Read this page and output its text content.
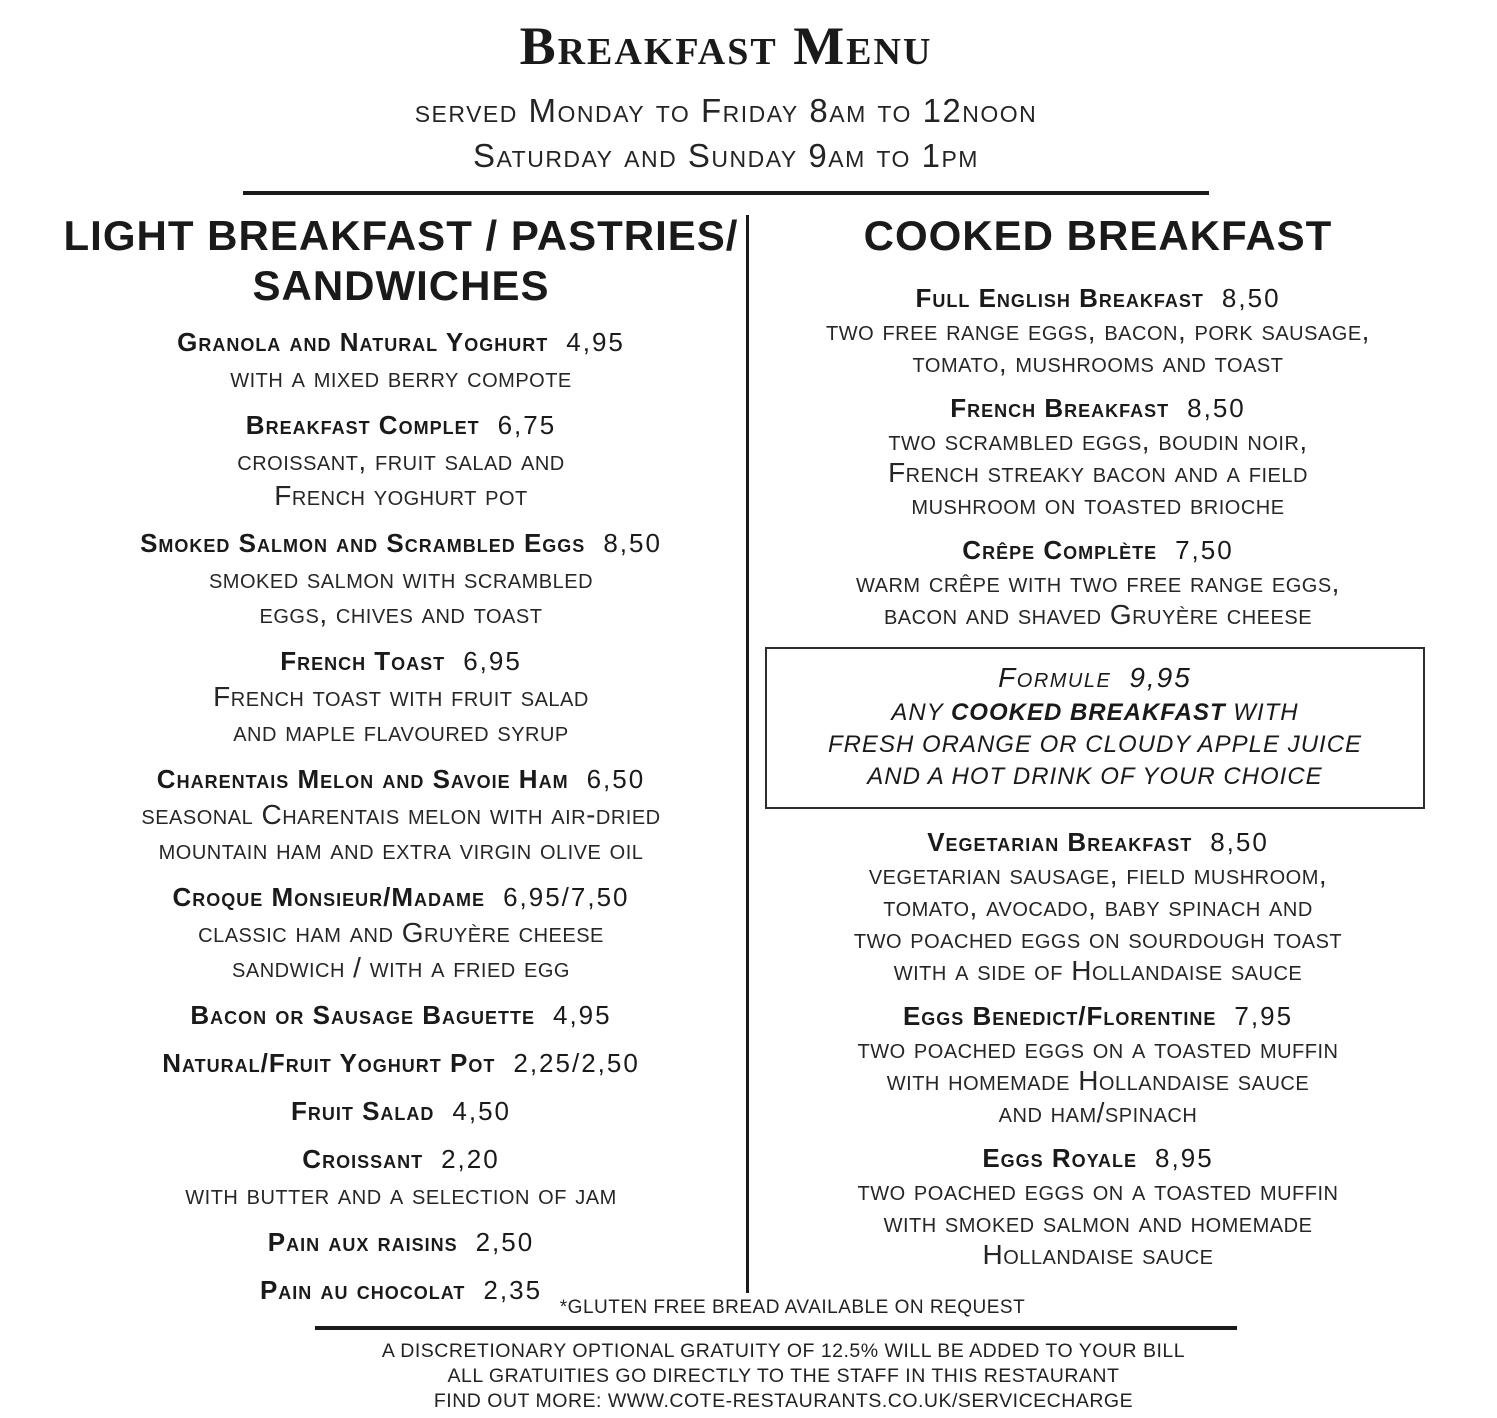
Breakfast Menu
served Monday to Friday 8am to 12noon
Saturday and Sunday 9am to 1pm
LIGHT BREAKFAST / PASTRIES/
SANDWICHES
Granola and Natural Yoghurt 4,95
with a mixed berry compote
Breakfast Complet 6,75
croissant, fruit salad and
French yoghurt pot
Smoked Salmon and Scrambled Eggs 8,50
smoked salmon with scrambled
eggs, chives and toast
French Toast 6,95
French toast with fruit salad
and maple flavoured syrup
Charentais Melon and Savoie Ham 6,50
seasonal Charentais melon with air-dried
mountain ham and extra virgin olive oil
Croque Monsieur/Madame 6,95/7,50
classic ham and Gruyère cheese
sandwich / with a fried egg
Bacon or Sausage Baguette 4,95
Natural/Fruit Yoghurt Pot 2,25/2,50
Fruit Salad 4,50
Croissant 2,20
with butter and a selection of jam
Pain aux raisins 2,50
Pain au chocolat 2,35
COOKED BREAKFAST
Full English Breakfast 8,50
two free range eggs, bacon, pork sausage,
tomato, mushrooms and toast
French Breakfast 8,50
two scrambled eggs, boudin noir,
French streaky bacon and a field
mushroom on toasted brioche
Crêpe Complète 7,50
warm crêpe with two free range eggs,
bacon and shaved Gruyère cheese
Formule 9,95
ANY COOKED BREAKFAST WITH
FRESH ORANGE OR CLOUDY APPLE JUICE
AND A HOT DRINK OF YOUR CHOICE
Vegetarian Breakfast 8,50
vegetarian sausage, field mushroom,
tomato, avocado, baby spinach and
two poached eggs on sourdough toast
with a side of Hollandaise sauce
Eggs Benedict/Florentine 7,95
two poached eggs on a toasted muffin
with homemade Hollandaise sauce
and ham/spinach
Eggs Royale 8,95
two poached eggs on a toasted muffin
with smoked salmon and homemade
Hollandaise sauce
*GLUTEN FREE BREAD AVAILABLE ON REQUEST
A DISCRETIONARY OPTIONAL GRATUITY OF 12.5% WILL BE ADDED TO YOUR BILL
ALL GRATUITIES GO DIRECTLY TO THE STAFF IN THIS RESTAURANT
FIND OUT MORE: WWW.COTE-RESTAURANTS.CO.UK/SERVICECHARGE
